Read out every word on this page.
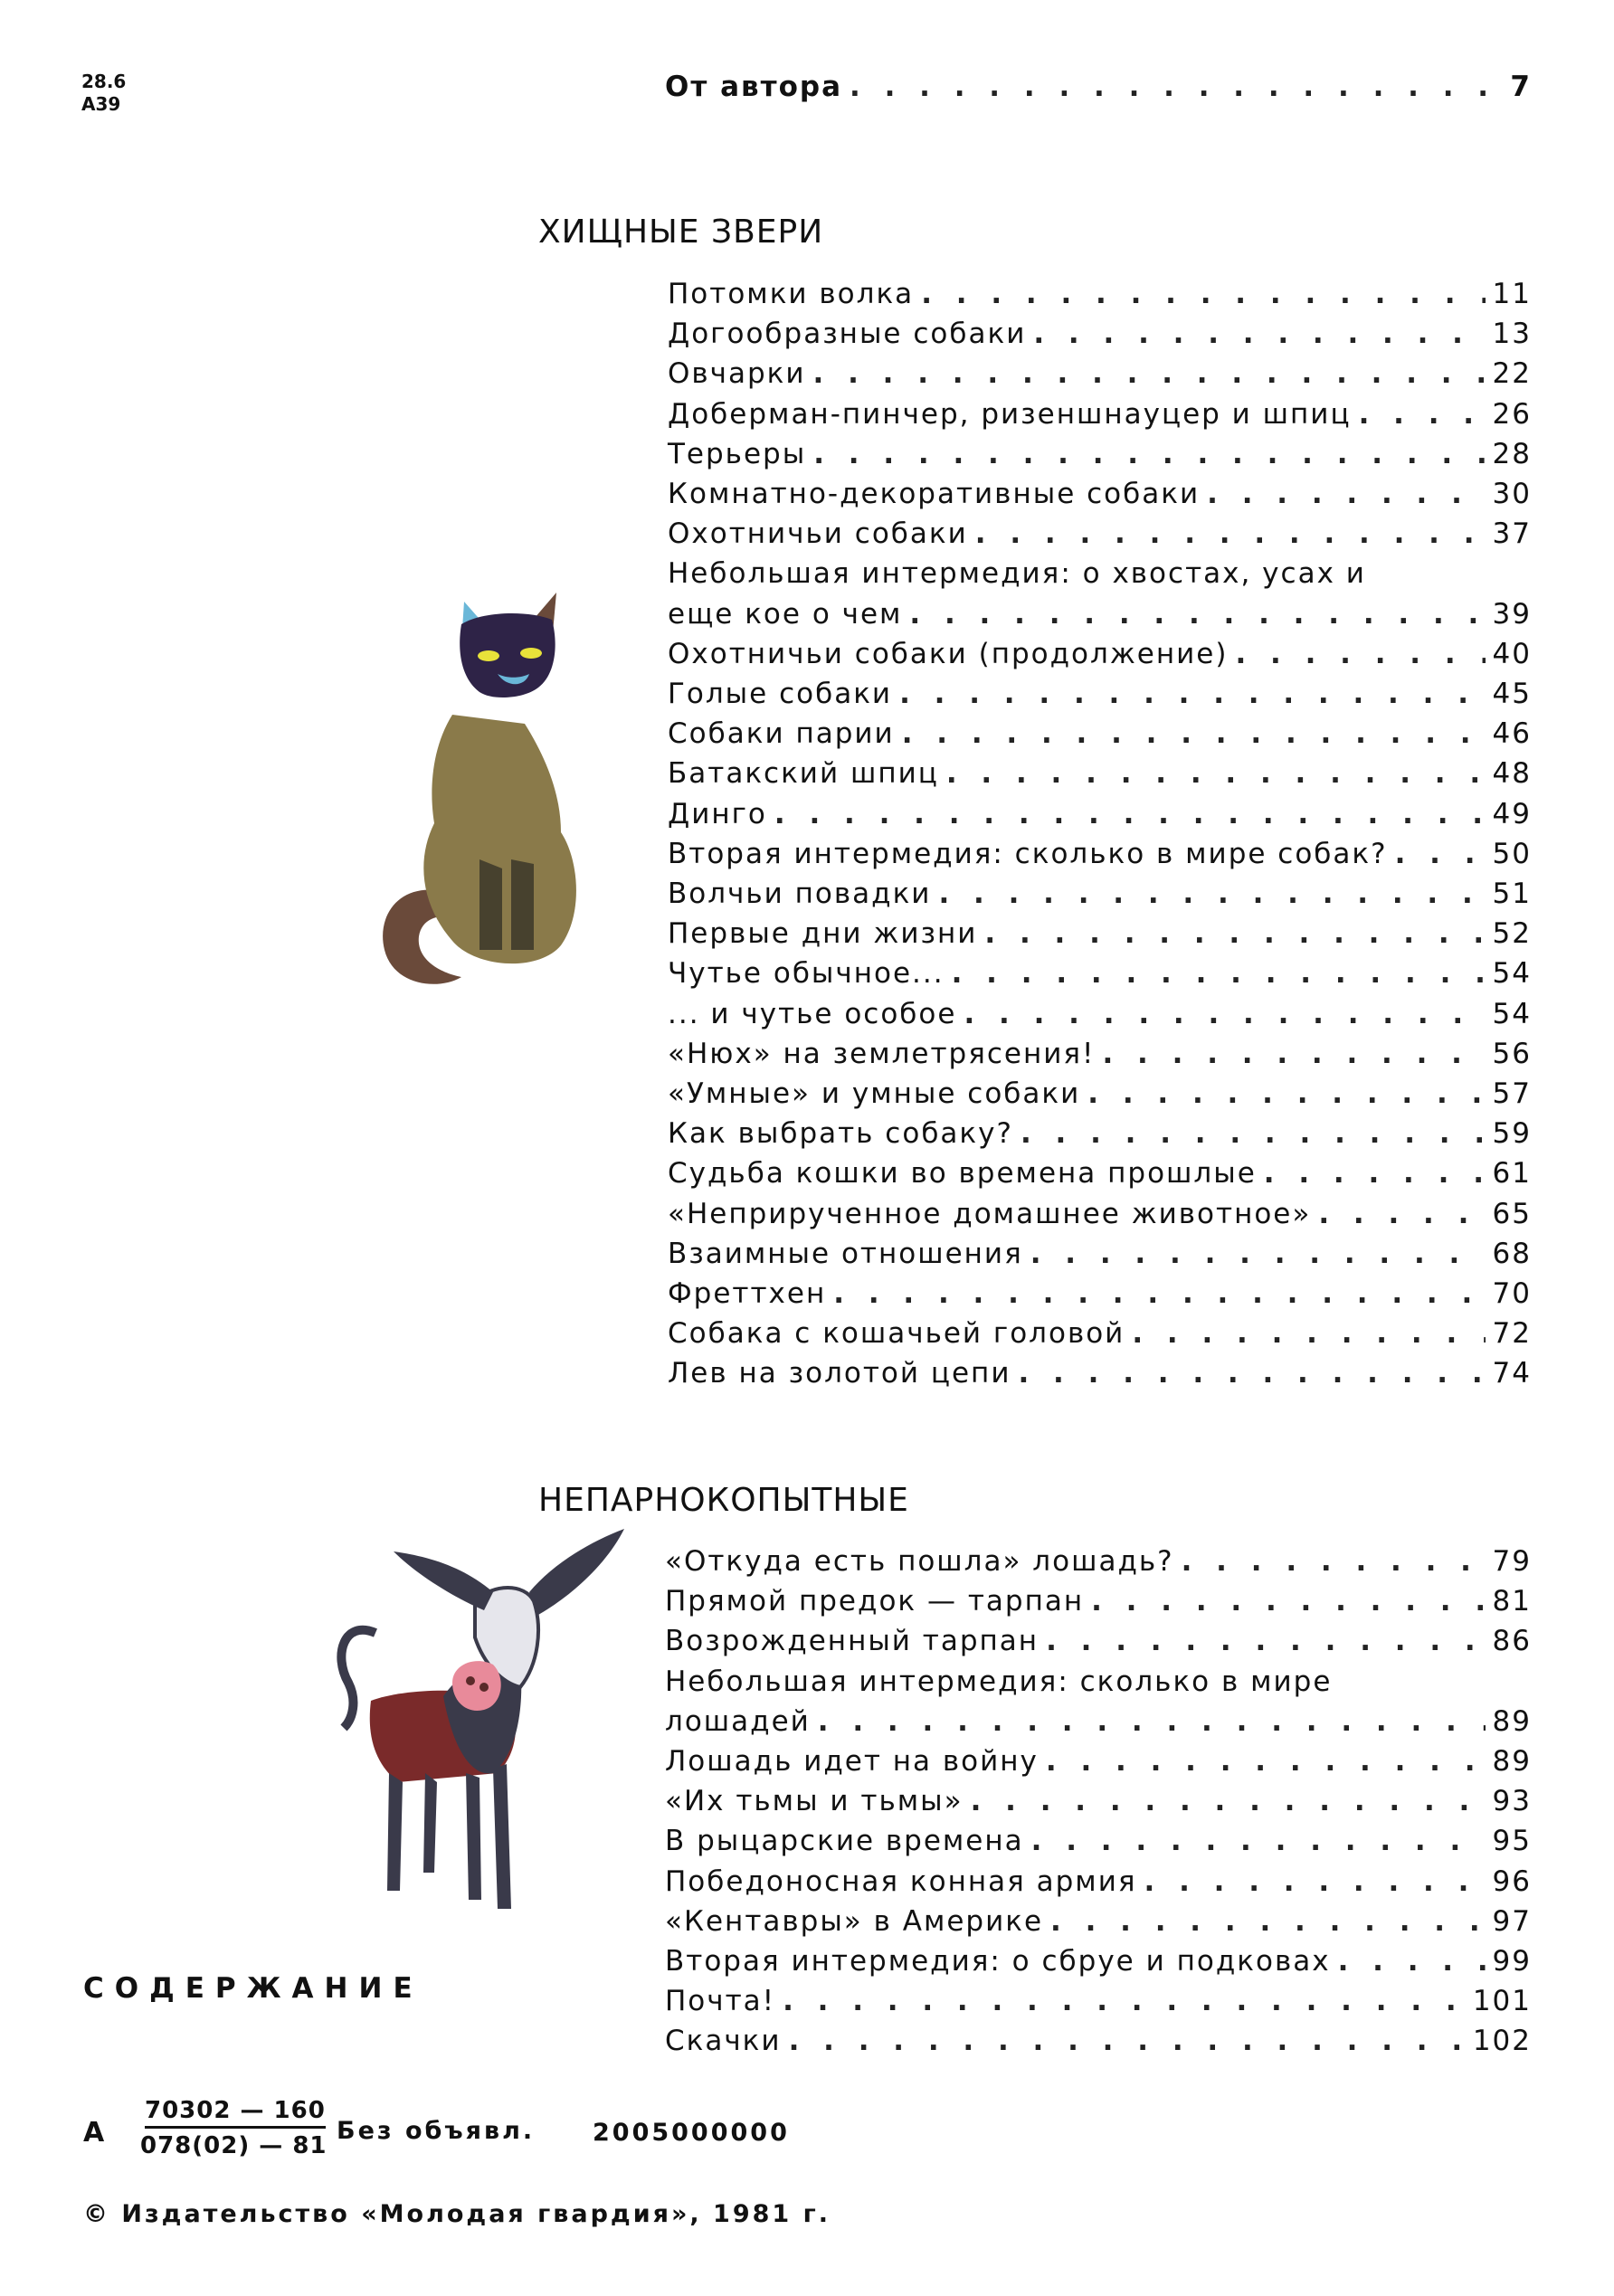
28.6
А39
От автора . . .	7
ХИЩНЫЕ ЗВЕРИ
Потомки волка . . .	11
Догообразные собаки . . .	13
Овчарки . . .	22
Доберман-пинчер, ризеншнауцер и шпиц . . .	26
Терьеры . . .	28
Комнатно-декоративные собаки . . .	30
Охотничьи собаки . . .	37
Небольшая интермедия: о хвостах, усах и
еще кое о чем . . .	39
Охотничьи собаки (продолжение) . . .	40
Голые собаки . . .	45
Собаки парии . . .	46
Батакский шпиц . . .	48
Динго . . .	49
Вторая интермедия: сколько в мире собак? . . .	50
Волчьи повадки . . .	51
Первые дни жизни . . .	52
Чутье обычное... . . .	54
... и чутье особое . . .	54
«Нюх» на землетрясения! . . .	56
«Умные» и умные собаки . . .	57
Как выбрать собаку? . . .	59
Судьба кошки во времена прошлые . . .	61
«Неприрученное домашнее животное» . . .	65
Взаимные отношения . . .	68
Фреттхен . . .	70
Собака с кошачьей головой . . .	72
Лев на золотой цепи . . .	74
НЕПАРНОКОПЫТНЫЕ
«Откуда есть пошла» лошадь? . . .	79
Прямой предок — тарпан . . .	81
Возрожденный тарпан . . .	86
Небольшая интермедия: сколько в мире
лошадей . . .	89
Лошадь идет на войну . . .	89
«Их тьмы и тьмы» . . .	93
В рыцарские времена . . .	95
Победоносная конная армия . . .	96
«Кентавры» в Америке . . .	97
Вторая интермедия: о сбруе и подковах . . .	99
Почта! . . .	101
Скачки . . .	102
СОДЕРЖАНИЕ
А
70302 — 160
078(02) — 81
Без объявл. 2005000000
© Издательство «Молодая гвардия», 1981 г.
